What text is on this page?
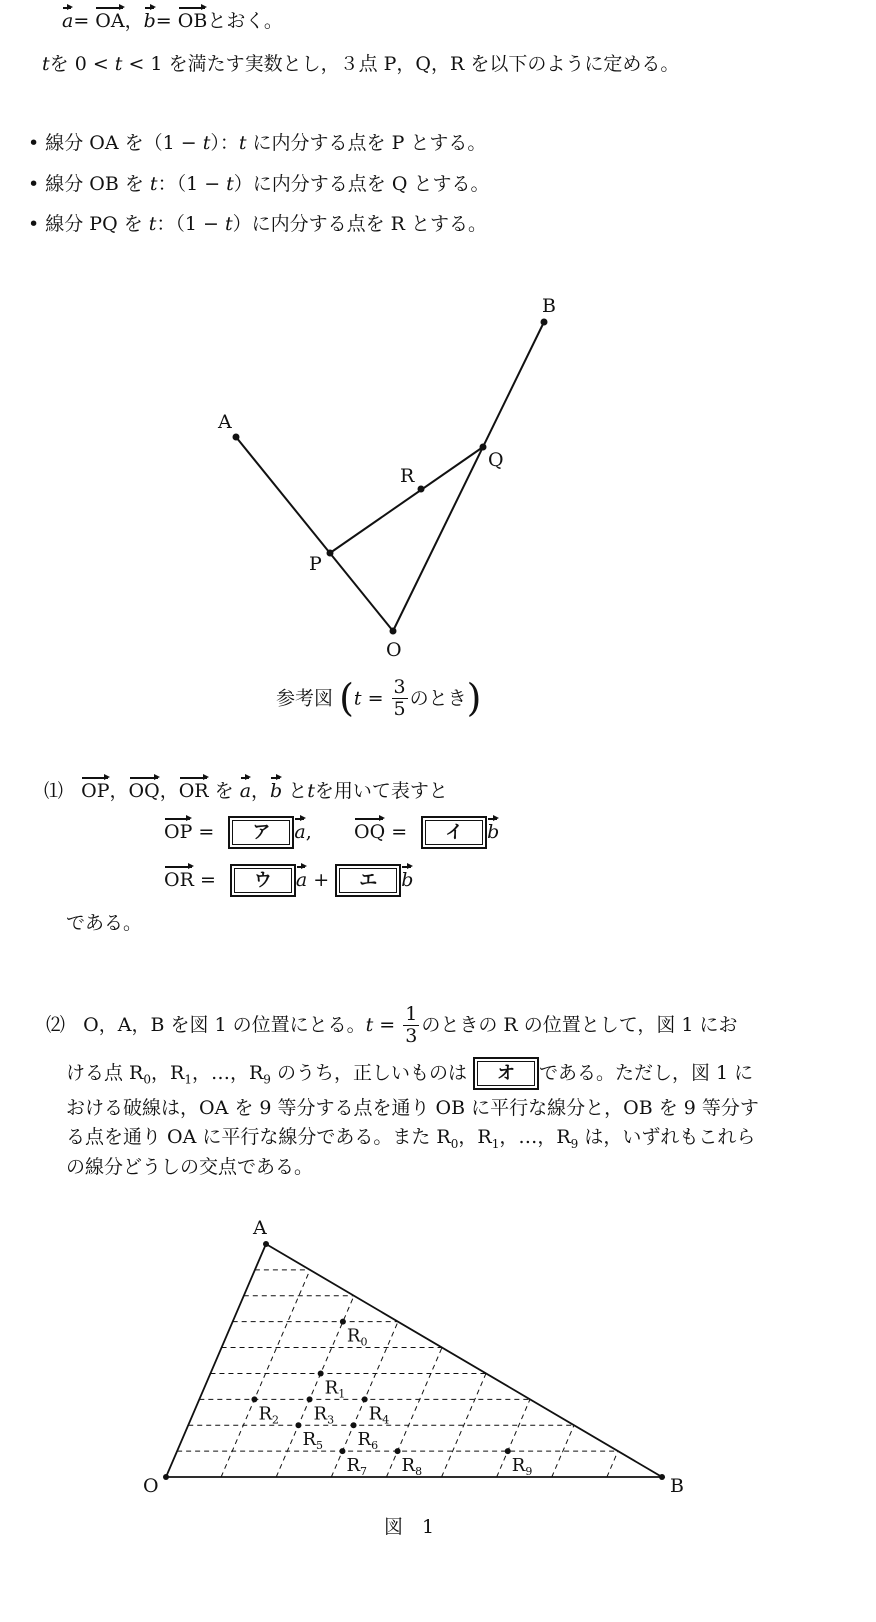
a= OA，b= OBとおく。
tを 0 < t < 1 を満たす実数とし，３点 P，Q，R を以下のように定める。
• 線分 OA を（1 − t）：t に内分する点を P とする。
• 線分 OB を t：（1 − t）に内分する点を Q とする。
• 線分 PQ を t：（1 − t）に内分する点を R とする。
A
B
O
P
Q
R
参考図 ($t = \frac{3}{5}$ のとき)
⑴ OP，OQ，OR を a，b とtを用いて表すと
OP = ア a, OQ = イ b
OR = ウ a + エ b
である。
⑵ O，A，B を図 1 の位置にとる。$t = \frac{1}{3}$ のときの R の位置として，図 1 にお
ける点 $R_0$，$R_1$，…，$R_9$ のうち，正しいものは オ である。ただし，図 1 に
おける破線は，OA を 9 等分する点を通り OB に平行な線分と，OB を 9 等分す
る点を通り OA に平行な線分である。また $R_0$，$R_1$，…，$R_9$ は，いずれもこれら
の線分どうしの交点である。
A
O	B
$R_0$
$R_1$
$R_2$ $R_3$ $R_4$
$R_5$ $R_6$
$R_7$ $R_8$	$R_9$
図　1
